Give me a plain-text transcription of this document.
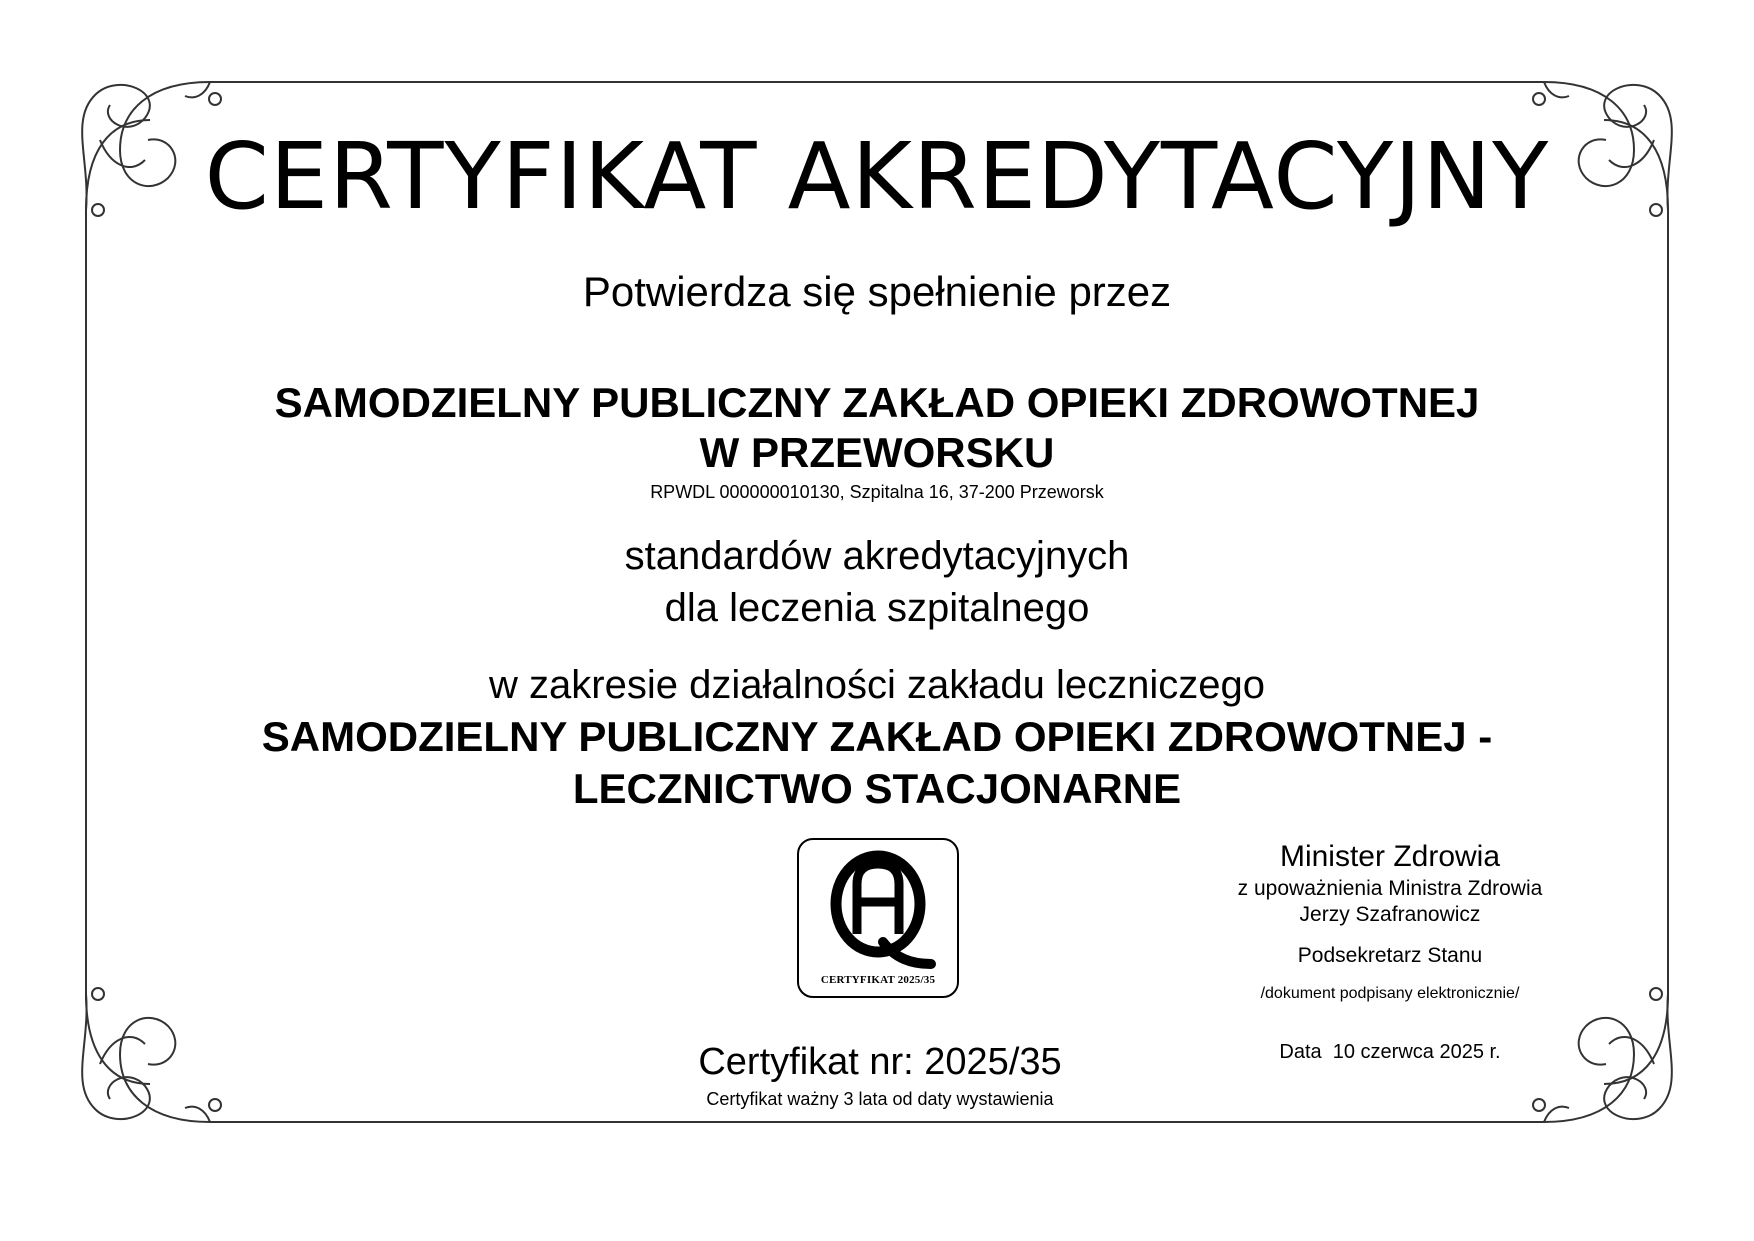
CERTYFIKAT AKREDYTACYJNY
Potwierdza się spełnienie przez
SAMODZIELNY PUBLICZNY ZAKŁAD OPIEKI ZDROWOTNEJ
W PRZEWORSKU
RPWDL 000000010130, Szpitalna 16, 37-200 Przeworsk
standardów akredytacyjnych
dla leczenia szpitalnego
w zakresie działalności zakładu leczniczego
SAMODZIELNY PUBLICZNY ZAKŁAD OPIEKI ZDROWOTNEJ -
LECZNICTWO STACJONARNE
CERTYFIKAT 2025/35
Minister Zdrowia
z upoważnienia Ministra Zdrowia
Jerzy Szafranowicz
Podsekretarz Stanu
/dokument podpisany elektronicznie/
Data  10 czerwca 2025 r.
Certyfikat nr: 2025/35
Certyfikat ważny 3 lata od daty wystawienia
